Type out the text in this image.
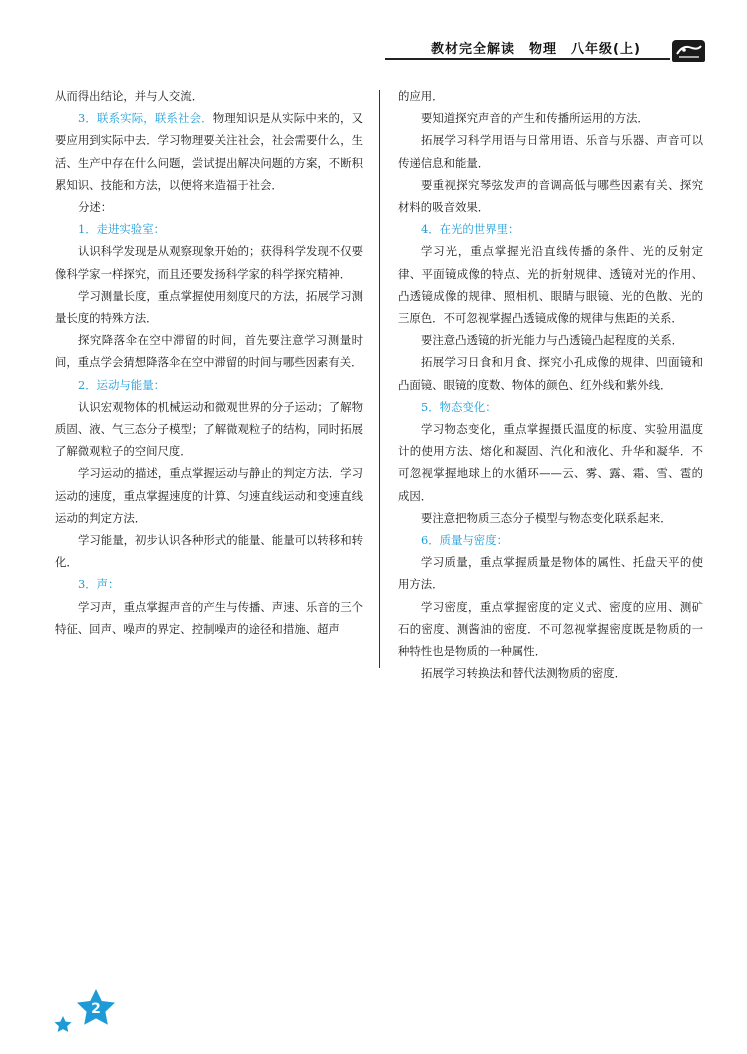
教材完全解读　物理　八年级(上)

从而得出结论，并与人交流．

3．联系实际，联系社会．物理知识是从实际中来的，又要应用到实际中去．学习物理要关注社会，社会需要什么，生活、生产中存在什么问题，尝试提出解决问题的方案，不断积累知识、技能和方法，以便将来造福于社会．

分述：

1．走进实验室：

认识科学发现是从观察现象开始的；获得科学发现不仅要像科学家一样探究，而且还要发扬科学家的科学探究精神．

学习测量长度，重点掌握使用刻度尺的方法，拓展学习测量长度的特殊方法．

探究降落伞在空中滞留的时间，首先要注意学习测量时间，重点学会猜想降落伞在空中滞留的时间与哪些因素有关．

2．运动与能量：

认识宏观物体的机械运动和微观世界的分子运动；了解物质固、液、气三态分子模型；了解微观粒子的结构，同时拓展了解微观粒子的空间尺度．

学习运动的描述，重点掌握运动与静止的判定方法．学习运动的速度，重点掌握速度的计算、匀速直线运动和变速直线运动的判定方法．

学习能量，初步认识各种形式的能量、能量可以转移和转化．

3．声：

学习声，重点掌握声音的产生与传播、声速、乐音的三个特征、回声、噪声的界定、控制噪声的途径和措施、超声

的应用．

要知道探究声音的产生和传播所运用的方法．

拓展学习科学用语与日常用语、乐音与乐器、声音可以传递信息和能量．

要重视探究琴弦发声的音调高低与哪些因素有关、探究材料的吸音效果．

4．在光的世界里：

学习光，重点掌握光沿直线传播的条件、光的反射定律、平面镜成像的特点、光的折射规律、透镜对光的作用、凸透镜成像的规律、照相机、眼睛与眼镜、光的色散、光的三原色．不可忽视掌握凸透镜成像的规律与焦距的关系．

要注意凸透镜的折光能力与凸透镜凸起程度的关系．

拓展学习日食和月食、探究小孔成像的规律、凹面镜和凸面镜、眼镜的度数、物体的颜色、红外线和紫外线．

5．物态变化：

学习物态变化，重点掌握摄氏温度的标度、实验用温度计的使用方法、熔化和凝固、汽化和液化、升华和凝华．不可忽视掌握地球上的水循环——云、雾、露、霜、雪、雹的成因．

要注意把物质三态分子模型与物态变化联系起来．

6．质量与密度：

学习质量，重点掌握质量是物体的属性、托盘天平的使用方法．

学习密度，重点掌握密度的定义式、密度的应用、测矿石的密度、测酱油的密度．不可忽视掌握密度既是物质的一种特性也是物质的一种属性．

拓展学习转换法和替代法测物质的密度．

2
